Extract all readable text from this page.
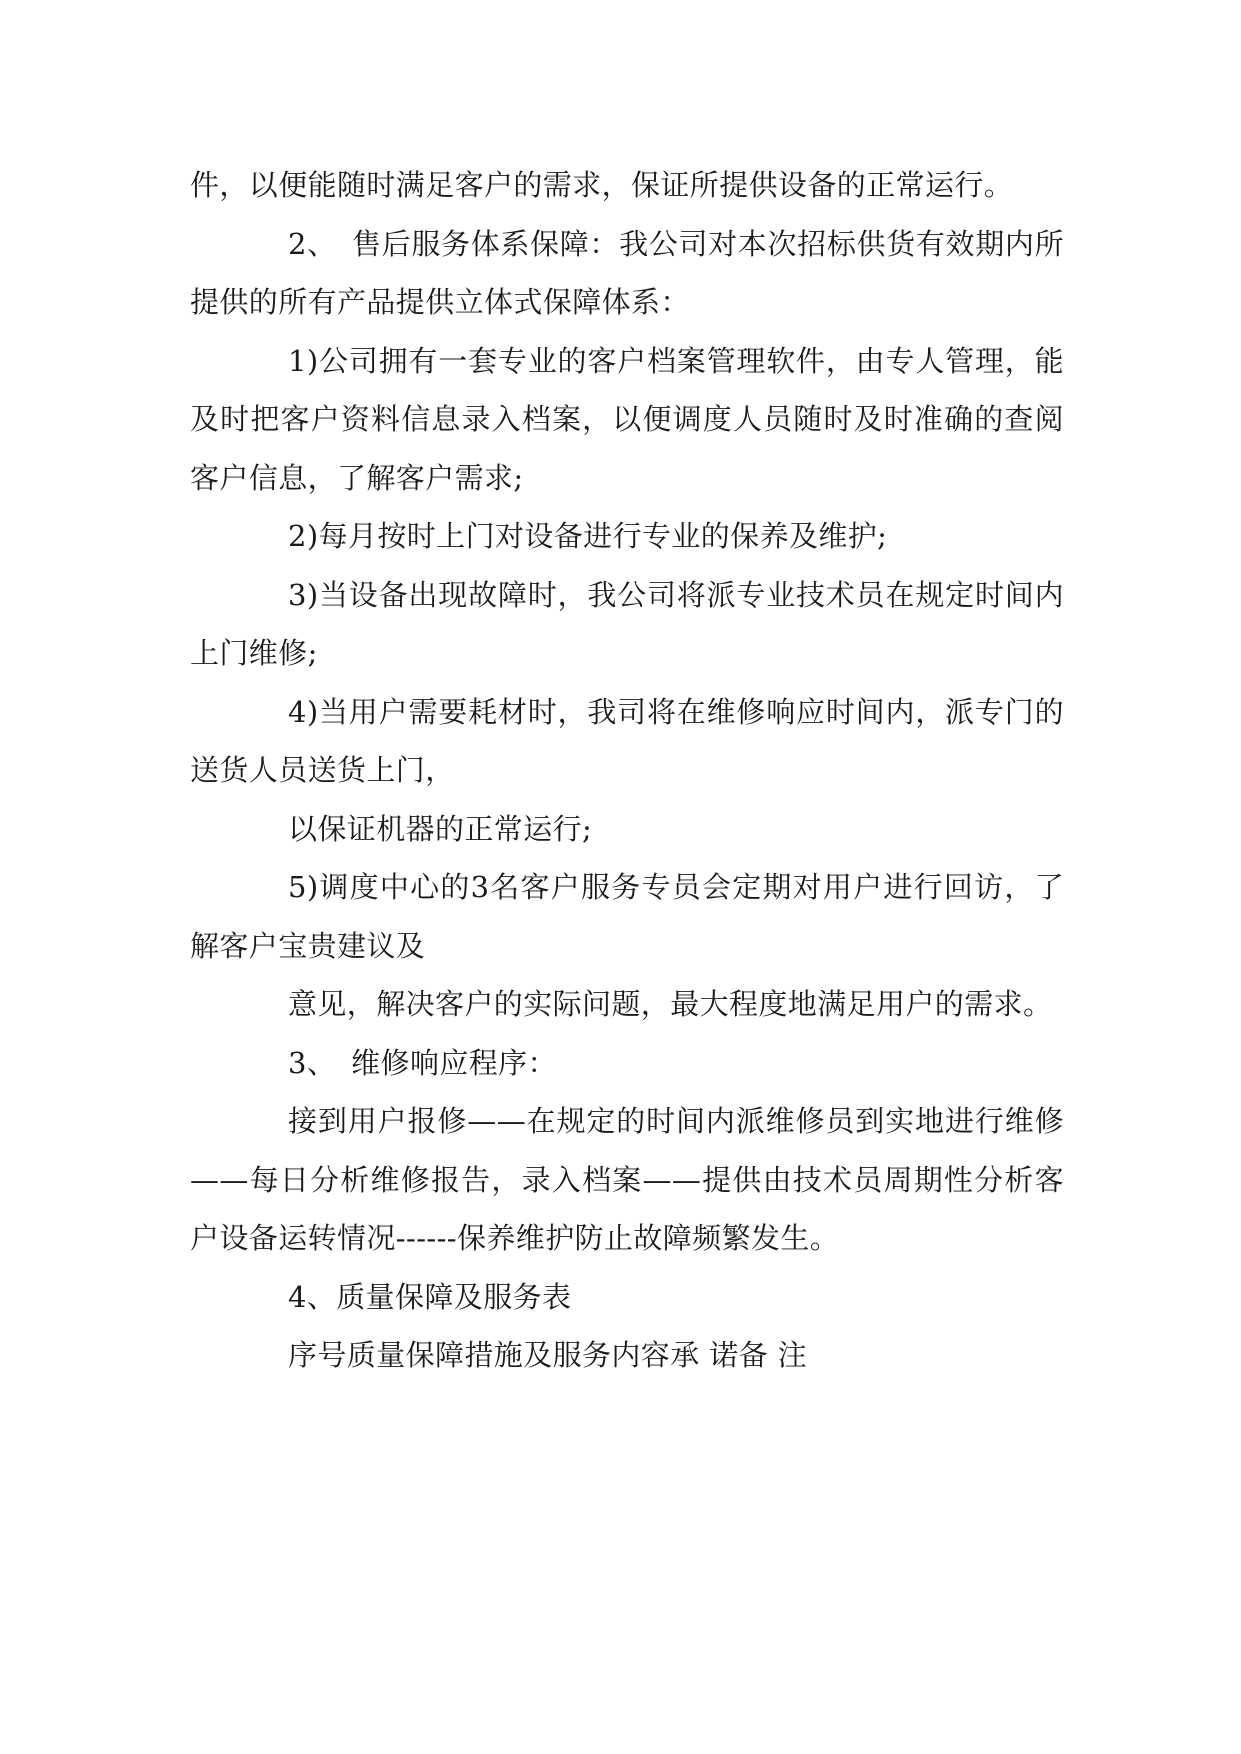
件，以便能随时满足客户的需求，保证所提供设备的正常运行。

2、　售后服务体系保障：我公司对本次招标供货有效期内所提供的所有产品提供立体式保障体系：

1)公司拥有一套专业的客户档案管理软件，由专人管理，能及时把客户资料信息录入档案，以便调度人员随时及时准确的查阅客户信息，了解客户需求;

2)每月按时上门对设备进行专业的保养及维护;

3)当设备出现故障时，我公司将派专业技术员在规定时间内上门维修;

4)当用户需要耗材时，我司将在维修响应时间内，派专门的送货人员送货上门，

以保证机器的正常运行;

5)调度中心的3名客户服务专员会定期对用户进行回访，了解客户宝贵建议及

意见，解决客户的实际问题，最大程度地满足用户的需求。

3、　维修响应程序：

接到用户报修——在规定的时间内派维修员到实地进行维修——每日分析维修报告，录入档案——提供由技术员周期性分析客户设备运转情况------保养维护防止故障频繁发生。

4、质量保障及服务表

序号质量保障措施及服务内容承 诺备 注
